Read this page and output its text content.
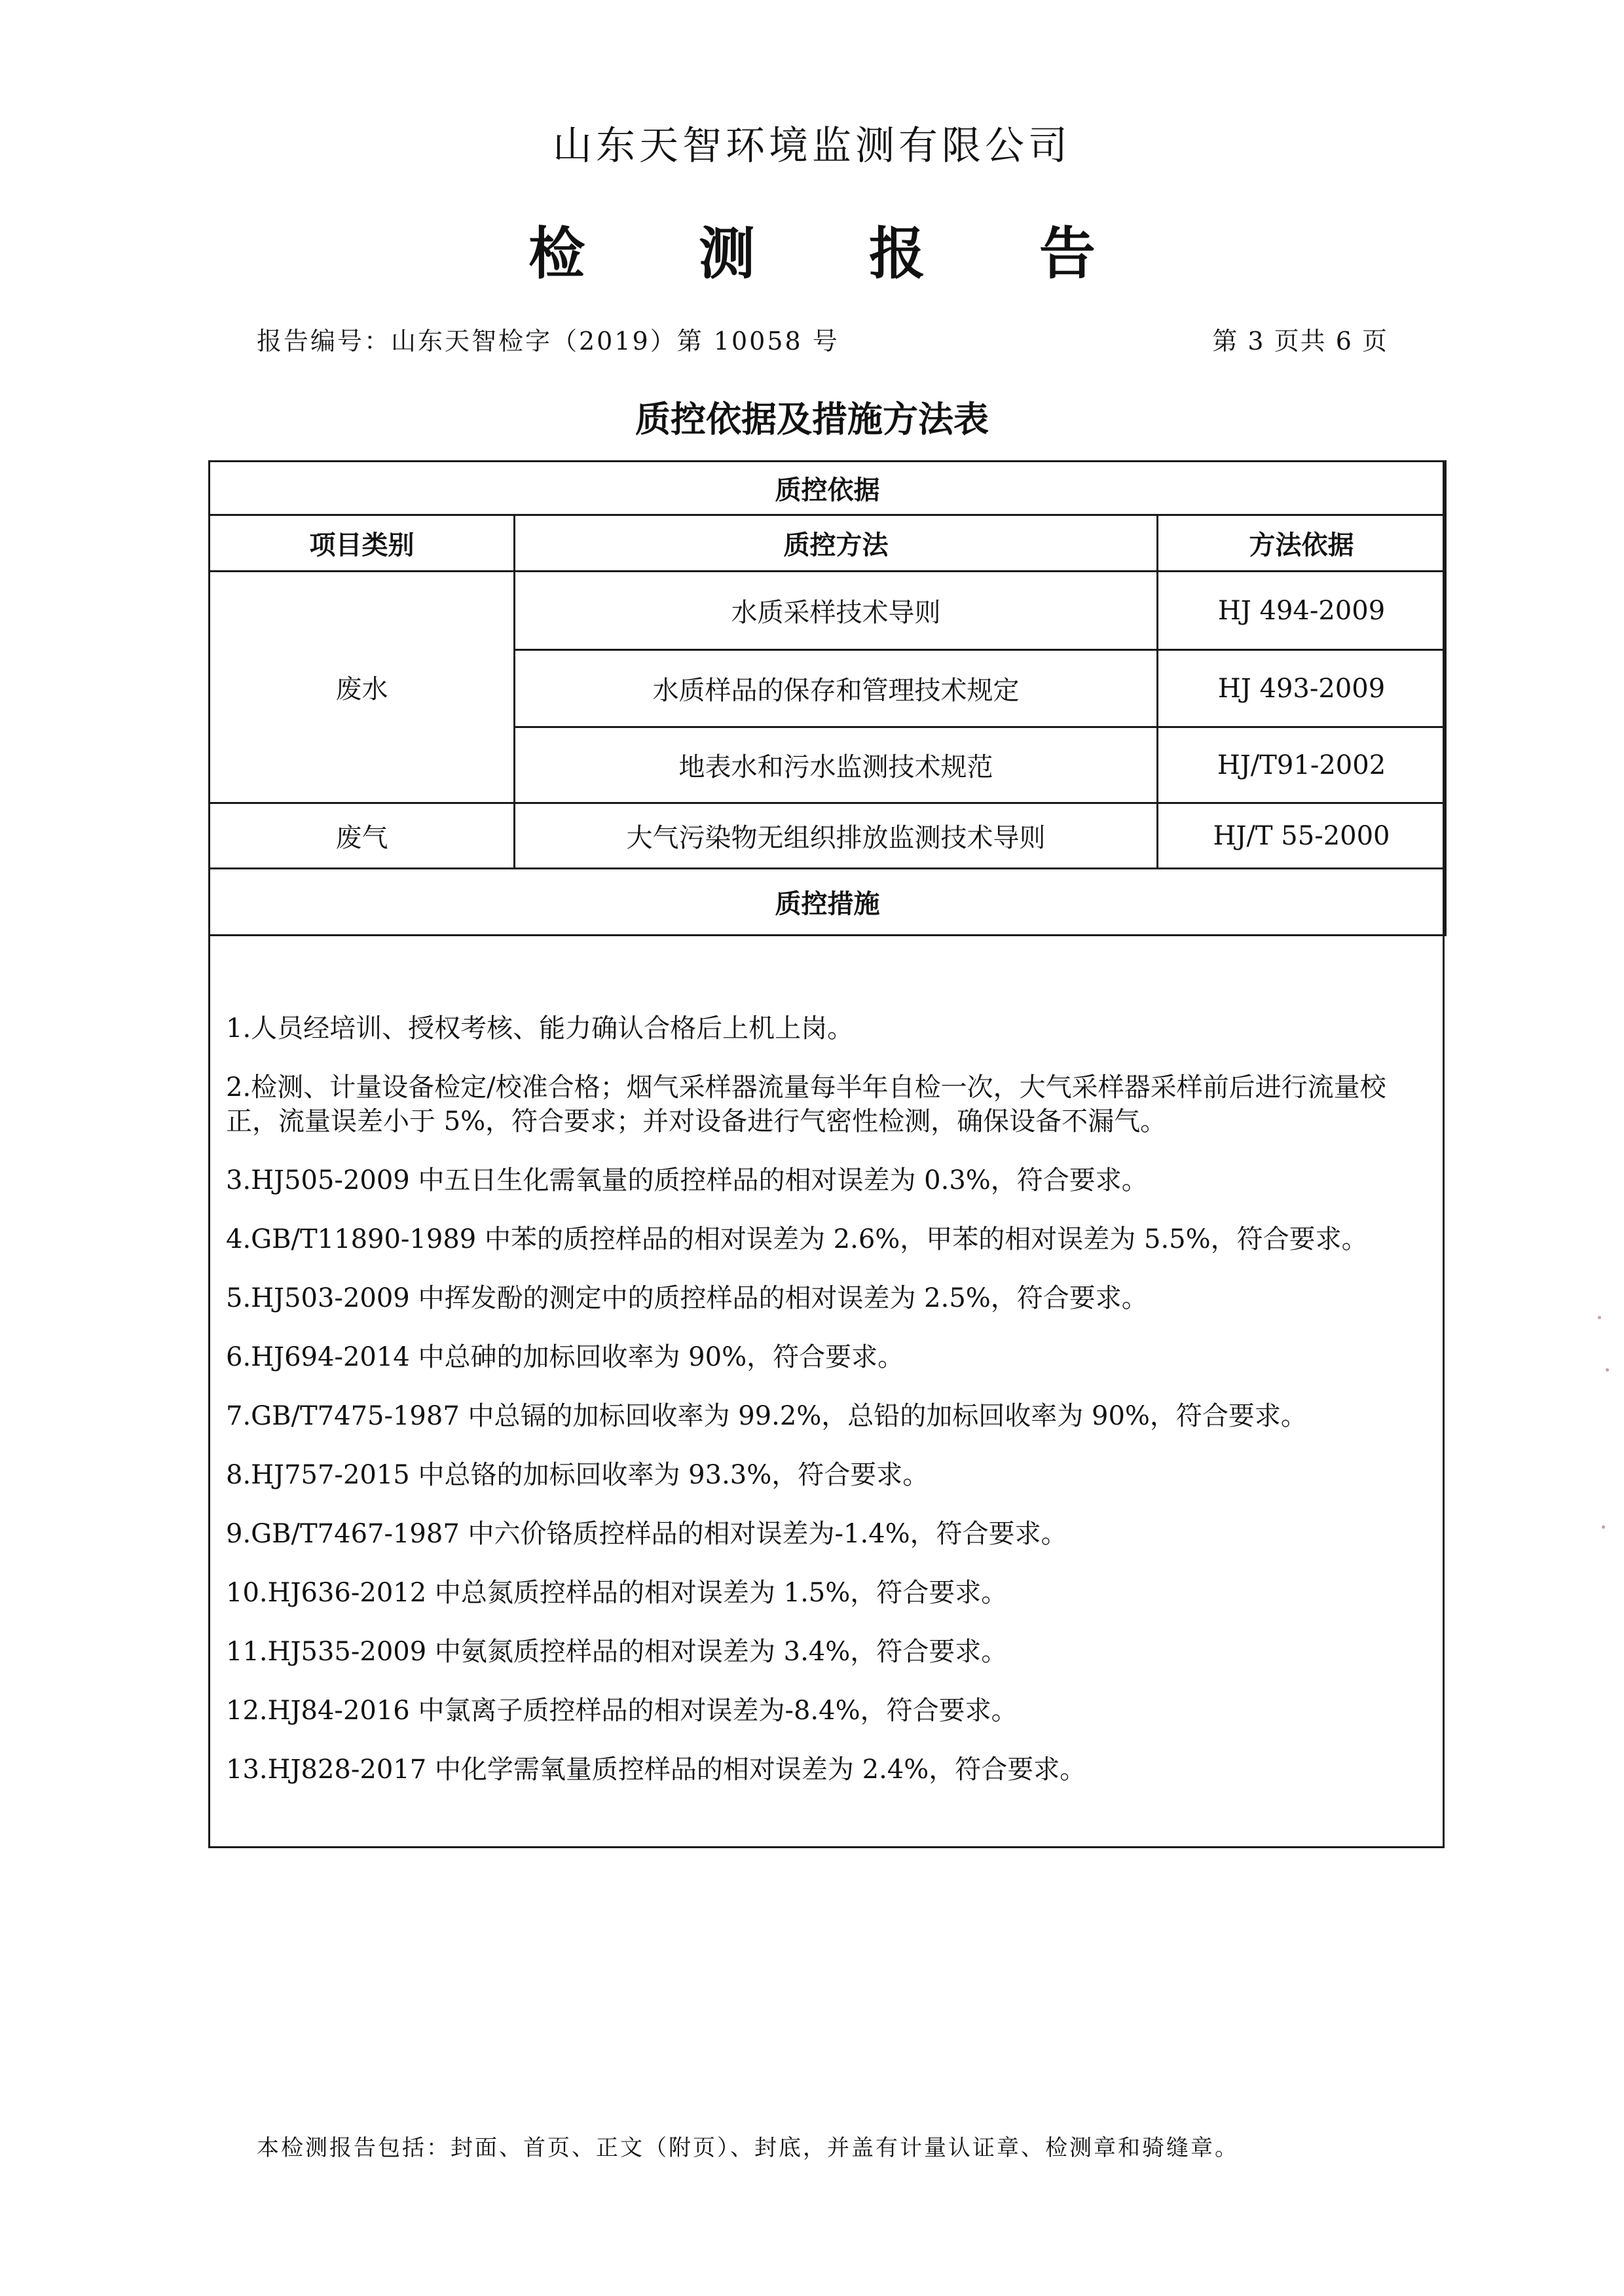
山东天智环境监测有限公司
检 测 报 告
报告编号：山东天智检字（2019）第 10058 号	第 3 页共 6 页
质控依据及措施方法表
质控依据		
项目类别	质控方法	方法依据
废水	水质采样技术导则	HJ 494-2009
	水质样品的保存和管理技术规定	HJ 493-2009
	地表水和污水监测技术规范	HJ/T91-2002
废气	大气污染物无组织排放监测技术导则	HJ/T 55-2000
质控措施		

1.人员经培训、授权考核、能力确认合格后上机上岗。

2.检测、计量设备检定/校准合格；烟气采样器流量每半年自检一次，大气采样器采样前后进行流量校正，流量误差小于 5%，符合要求；并对设备进行气密性检测，确保设备不漏气。

3.HJ505-2009 中五日生化需氧量的质控样品的相对误差为 0.3%，符合要求。

4.GB/T11890-1989 中苯的质控样品的相对误差为 2.6%，甲苯的相对误差为 5.5%，符合要求。

5.HJ503-2009 中挥发酚的测定中的质控样品的相对误差为 2.5%，符合要求。

6.HJ694-2014 中总砷的加标回收率为 90%，符合要求。

7.GB/T7475-1987 中总镉的加标回收率为 99.2%，总铅的加标回收率为 90%，符合要求。

8.HJ757-2015 中总铬的加标回收率为 93.3%，符合要求。

9.GB/T7467-1987 中六价铬质控样品的相对误差为-1.4%，符合要求。

10.HJ636-2012 中总氮质控样品的相对误差为 1.5%，符合要求。

11.HJ535-2009 中氨氮质控样品的相对误差为 3.4%，符合要求。

12.HJ84-2016 中氯离子质控样品的相对误差为-8.4%，符合要求。

13.HJ828-2017 中化学需氧量质控样品的相对误差为 2.4%，符合要求。

本检测报告包括：封面、首页、正文（附页）、封底，并盖有计量认证章、检测章和骑缝章。
